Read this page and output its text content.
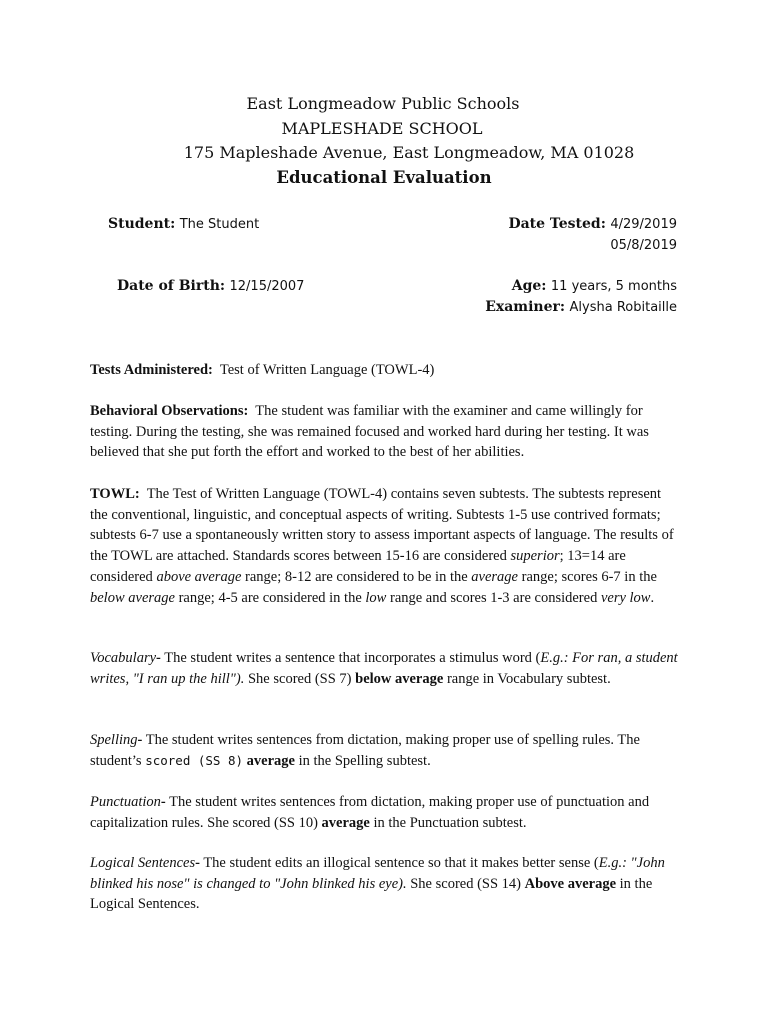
East Longmeadow Public Schools
MAPLESHADE SCHOOL
175 Mapleshade Avenue, East Longmeadow, MA 01028
Educational Evaluation
Student: The Student	Date Tested: 4/29/2019
05/8/2019
Date of Birth: 12/15/2007	Age: 11 years, 5 months
Examiner: Alysha Robitaille

Tests Administered: Test of Written Language (TOWL-4)

Behavioral Observations: The student was familiar with the examiner and came willingly for testing. During the testing, she was remained focused and worked hard during her testing. It was believed that she put forth the effort and worked to the best of her abilities.

TOWL: The Test of Written Language (TOWL-4) contains seven subtests. The subtests represent the conventional, linguistic, and conceptual aspects of writing. Subtests 1-5 use contrived formats; subtests 6-7 use a spontaneously written story to assess important aspects of language. The results of the TOWL are attached. Standards scores between 15-16 are considered superior; 13=14 are considered above average range; 8-12 are considered to be in the average range; scores 6-7 in the below average range; 4-5 are considered in the low range and scores 1-3 are considered very low.

Vocabulary- The student writes a sentence that incorporates a stimulus word (E.g.: For ran, a student writes, "I ran up the hill"). She scored (SS 7) below average range in Vocabulary subtest.

Spelling- The student writes sentences from dictation, making proper use of spelling rules. The student’s scored (SS 8) average in the Spelling subtest.

Punctuation- The student writes sentences from dictation, making proper use of punctuation and capitalization rules. She scored (SS 10) average in the Punctuation subtest.

Logical Sentences- The student edits an illogical sentence so that it makes better sense (E.g.: "John blinked his nose" is changed to "John blinked his eye). She scored (SS 14) Above average in the Logical Sentences.
